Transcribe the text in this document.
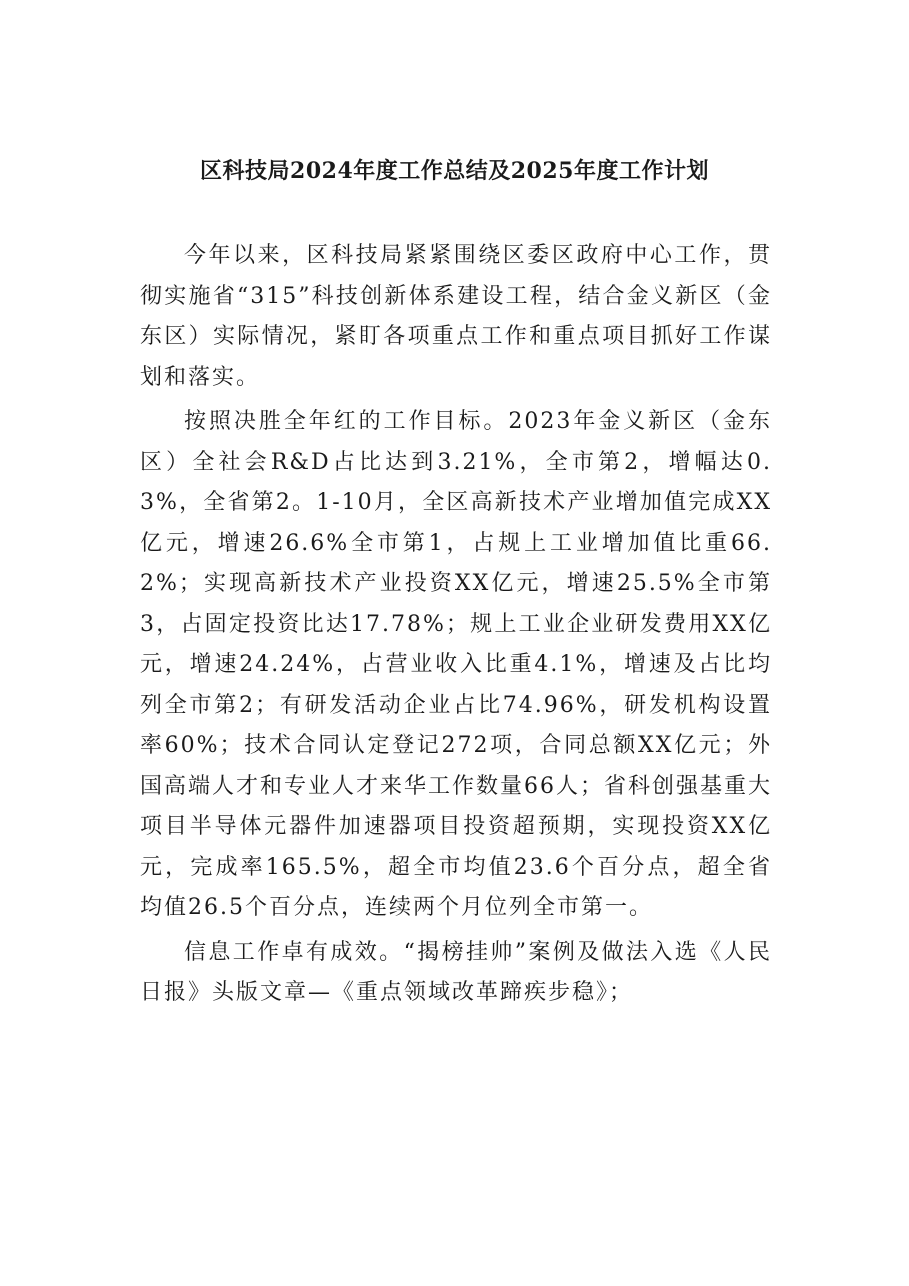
区科技局2024年度工作总结及2025年度工作计划

今年以来，区科技局紧紧围绕区委区政府中心工作，贯彻实施省“315”科技创新体系建设工程，结合金义新区（金东区）实际情况，紧盯各项重点工作和重点项目抓好工作谋划和落实。

按照决胜全年红的工作目标。2023年金义新区（金东区）全社会R&D占比达到3.21%，全市第2，增幅达0.3%，全省第2。1-10月，全区高新技术产业增加值完成XX亿元，增速26.6%全市第1，占规上工业增加值比重66.2%；实现高新技术产业投资XX亿元，增速25.5%全市第3，占固定投资比达17.78%；规上工业企业研发费用XX亿元，增速24.24%，占营业收入比重4.1%，增速及占比均列全市第2；有研发活动企业占比74.96%，研发机构设置率60%；技术合同认定登记272项，合同总额XX亿元；外国高端人才和专业人才来华工作数量66人；省科创强基重大项目半导体元器件加速器项目投资超预期，实现投资XX亿元，完成率165.5%，超全市均值23.6个百分点，超全省均值26.5个百分点，连续两个月位列全市第一。

信息工作卓有成效。“揭榜挂帅”案例及做法入选《人民日报》头版文章—《重点领域改革蹄疾步稳》；
